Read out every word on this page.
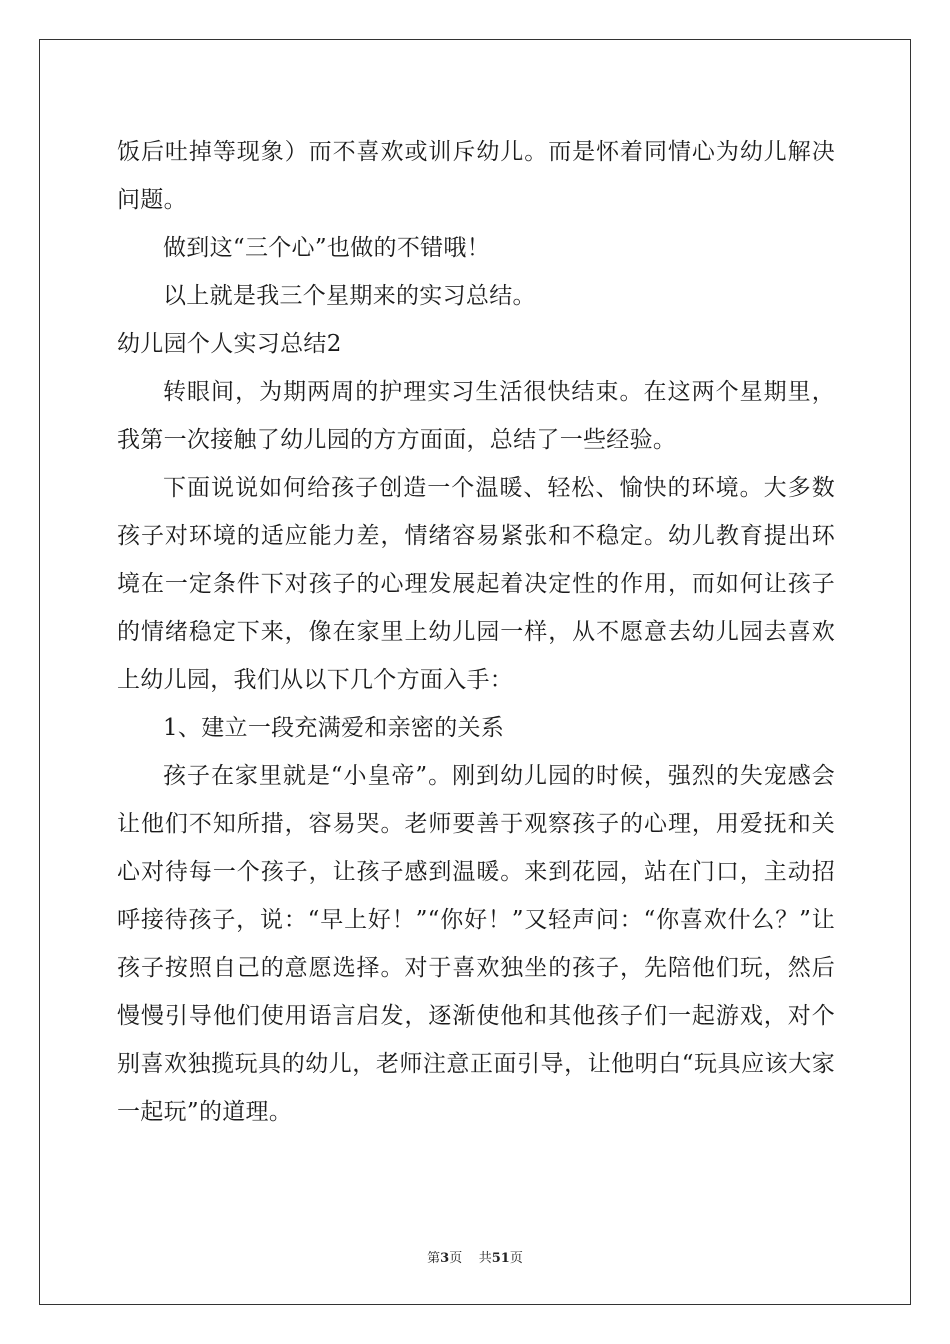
饭后吐掉等现象）而不喜欢或训斥幼儿。而是怀着同情心为幼儿解决问题。

做到这“三个心”也做的不错哦！

以上就是我三个星期来的实习总结。

幼儿园个人实习总结2

转眼间，为期两周的护理实习生活很快结束。在这两个星期里，我第一次接触了幼儿园的方方面面，总结了一些经验。

下面说说如何给孩子创造一个温暖、轻松、愉快的环境。大多数孩子对环境的适应能力差，情绪容易紧张和不稳定。幼儿教育提出环境在一定条件下对孩子的心理发展起着决定性的作用，而如何让孩子的情绪稳定下来，像在家里上幼儿园一样，从不愿意去幼儿园去喜欢上幼儿园，我们从以下几个方面入手：

1、建立一段充满爱和亲密的关系

孩子在家里就是“小皇帝”。刚到幼儿园的时候，强烈的失宠感会让他们不知所措，容易哭。老师要善于观察孩子的心理，用爱抚和关心对待每一个孩子，让孩子感到温暖。来到花园，站在门口，主动招呼接待孩子，说：“早上好！”“你好！”又轻声问：“你喜欢什么？”让孩子按照自己的意愿选择。对于喜欢独坐的孩子，先陪他们玩，然后慢慢引导他们使用语言启发，逐渐使他和其他孩子们一起游戏，对个别喜欢独揽玩具的幼儿，老师注意正面引导，让他明白“玩具应该大家一起玩”的道理。

第3页 共51页
